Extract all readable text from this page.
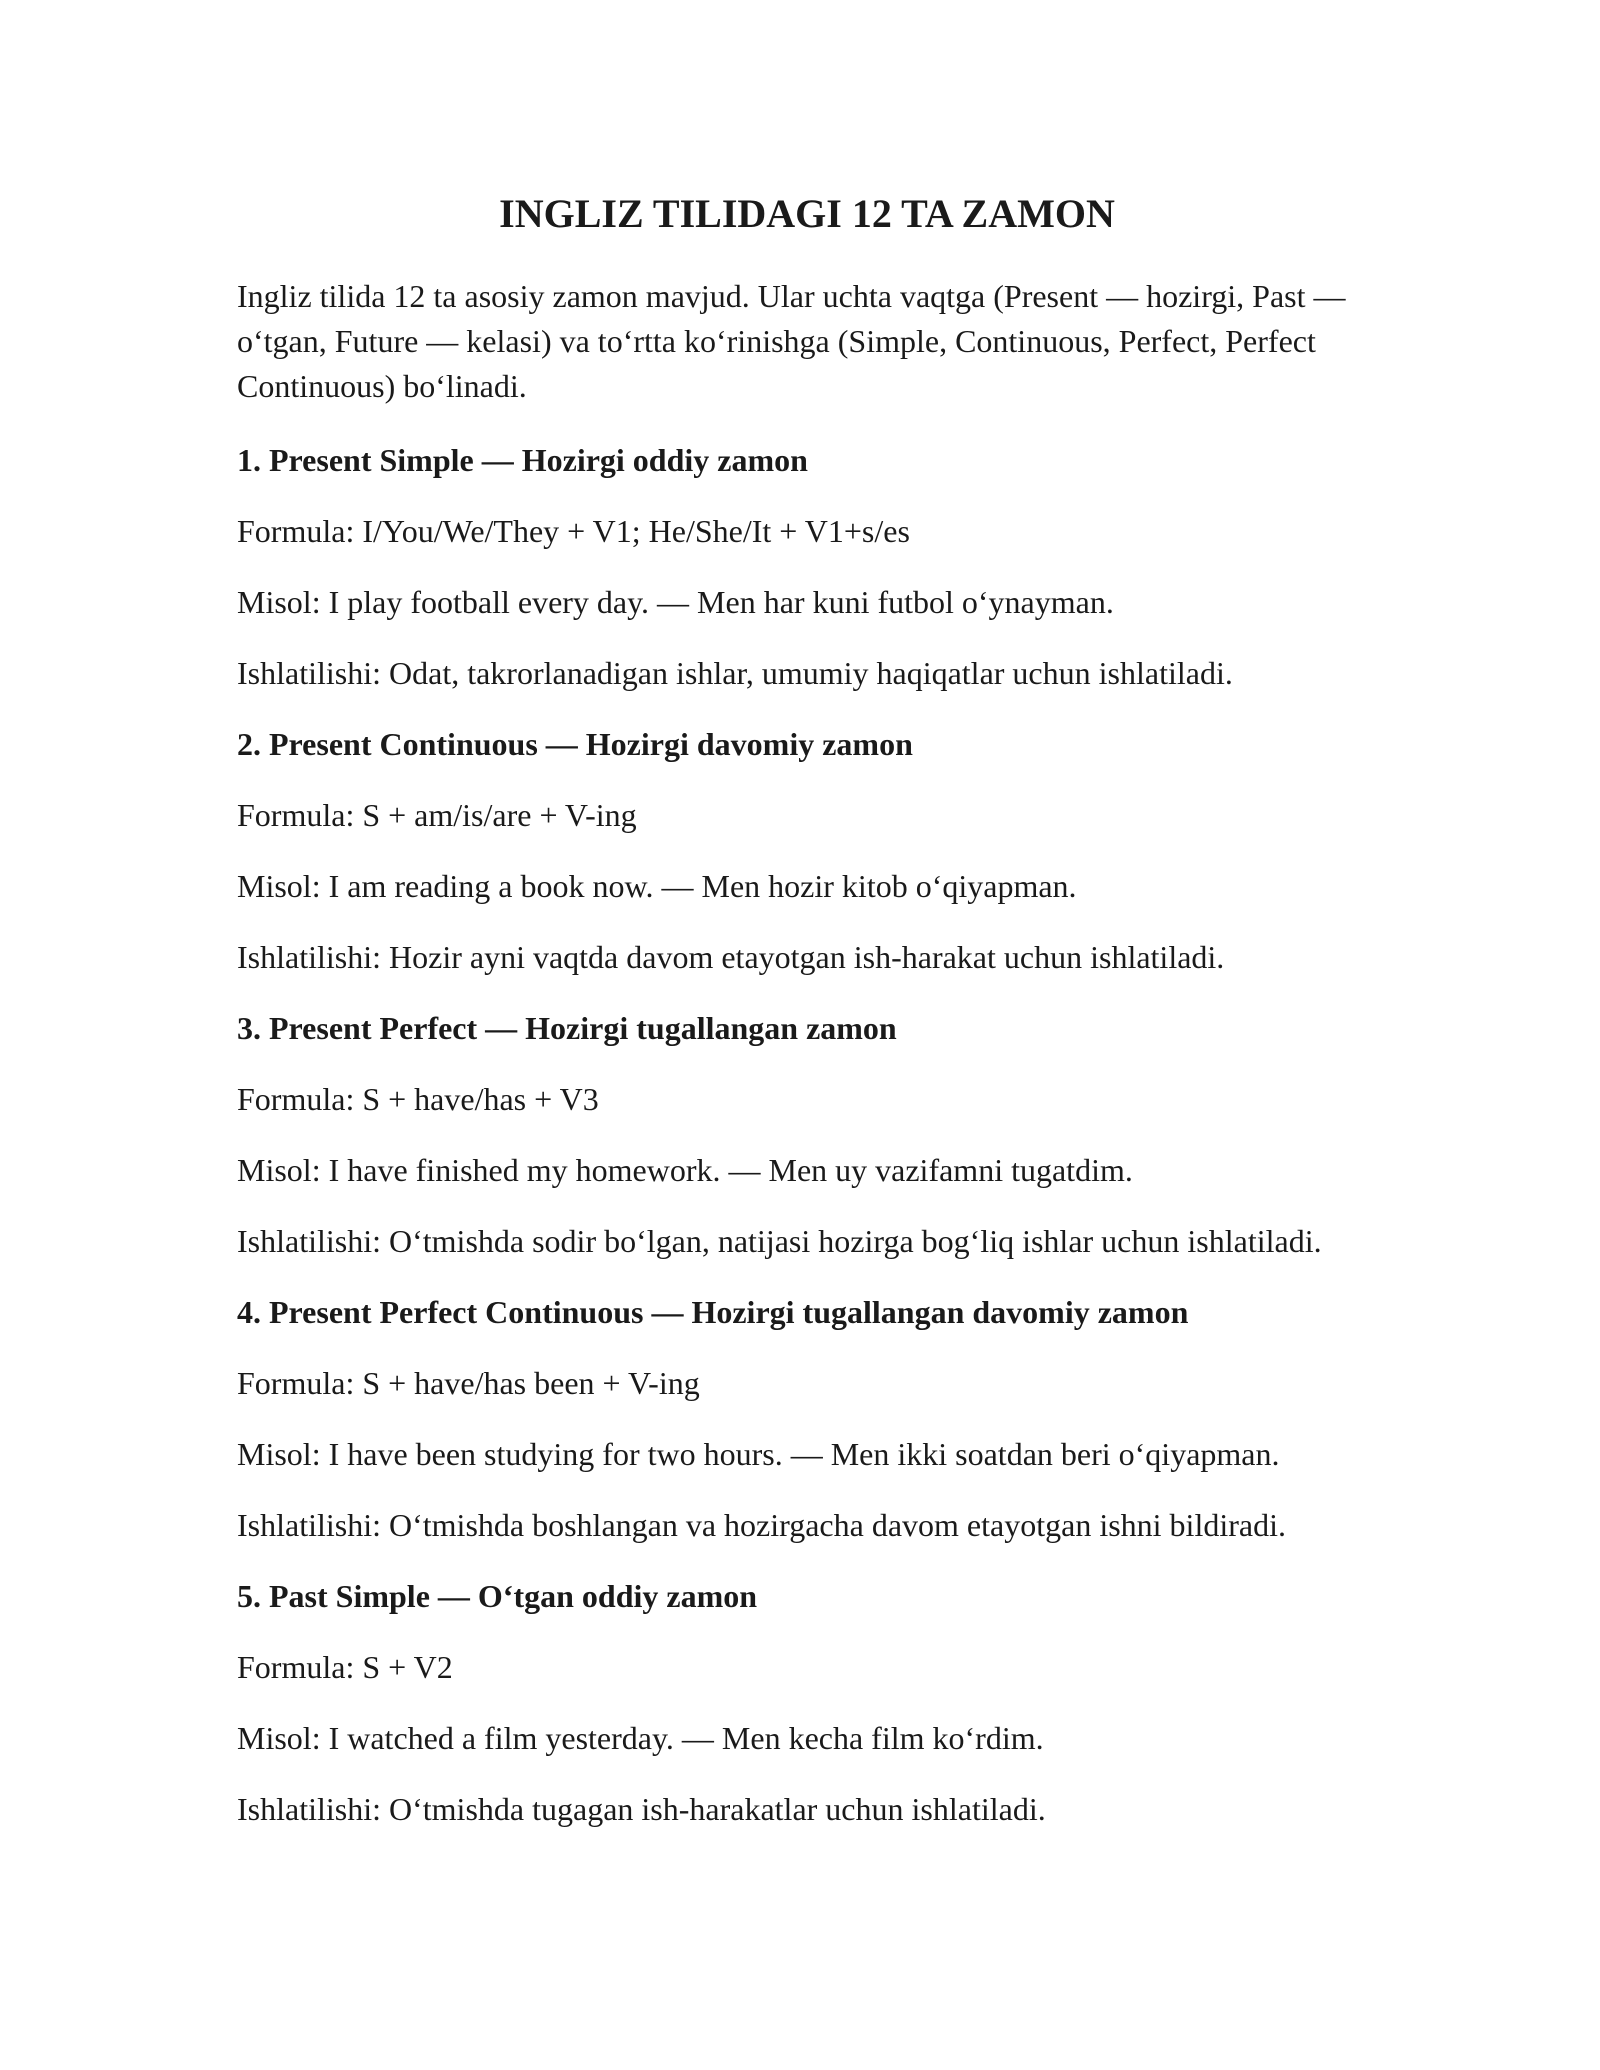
INGLIZ TILIDAGI 12 TA ZAMON

Ingliz tilida 12 ta asosiy zamon mavjud. Ular uchta vaqtga (Present — hozirgi, Past — o‘tgan, Future — kelasi) va to‘rtta ko‘rinishga (Simple, Continuous, Perfect, Perfect Continuous) bo‘linadi.

1. Present Simple — Hozirgi oddiy zamon

Formula: I/You/We/They + V1; He/She/It + V1+s/es

Misol: I play football every day. — Men har kuni futbol o‘ynayman.

Ishlatilishi: Odat, takrorlanadigan ishlar, umumiy haqiqatlar uchun ishlatiladi.

2. Present Continuous — Hozirgi davomiy zamon

Formula: S + am/is/are + V-ing

Misol: I am reading a book now. — Men hozir kitob o‘qiyapman.

Ishlatilishi: Hozir ayni vaqtda davom etayotgan ish-harakat uchun ishlatiladi.

3. Present Perfect — Hozirgi tugallangan zamon

Formula: S + have/has + V3

Misol: I have finished my homework. — Men uy vazifamni tugatdim.

Ishlatilishi: O‘tmishda sodir bo‘lgan, natijasi hozirga bog‘liq ishlar uchun ishlatiladi.

4. Present Perfect Continuous — Hozirgi tugallangan davomiy zamon

Formula: S + have/has been + V-ing

Misol: I have been studying for two hours. — Men ikki soatdan beri o‘qiyapman.

Ishlatilishi: O‘tmishda boshlangan va hozirgacha davom etayotgan ishni bildiradi.

5. Past Simple — O‘tgan oddiy zamon

Formula: S + V2

Misol: I watched a film yesterday. — Men kecha film ko‘rdim.

Ishlatilishi: O‘tmishda tugagan ish-harakatlar uchun ishlatiladi.
